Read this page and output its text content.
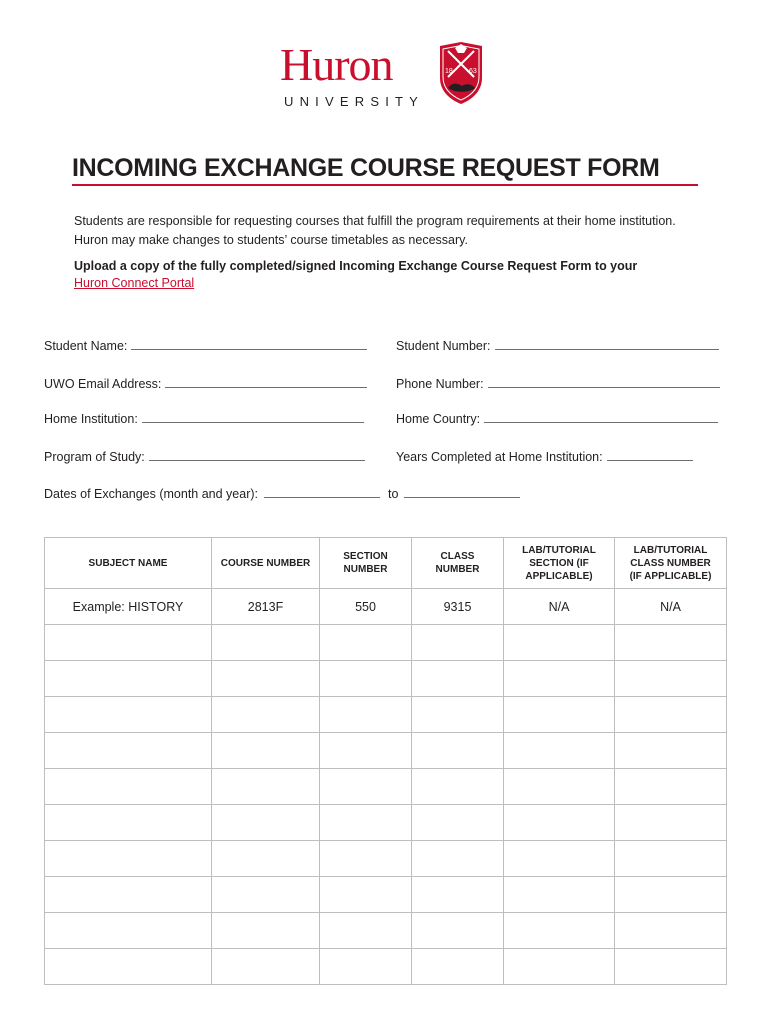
Huron
UNIVERSITY
18 63
INCOMING EXCHANGE COURSE REQUEST FORM

Students are responsible for requesting courses that fulfill the program requirements at their home institution. Huron may make changes to students’ course timetables as necessary.

Upload a copy of the fully completed/signed Incoming Exchange Course Request Form to your
Huron Connect Portal

Student Name:	Student Number:
UWO Email Address:	Phone Number:
Home Institution:	Home Country:
Program of Study:	Years Completed at Home Institution:
Dates of Exchanges (month and year):	to
SUBJECT NAME	COURSE NUMBER	SECTION NUMBER	CLASS NUMBER	LAB/TUTORIAL SECTION (IF APPLICABLE)	LAB/TUTORIAL CLASS NUMBER (IF APPLICABLE)
Example: HISTORY	2813F	550	9315	N/A	N/A
